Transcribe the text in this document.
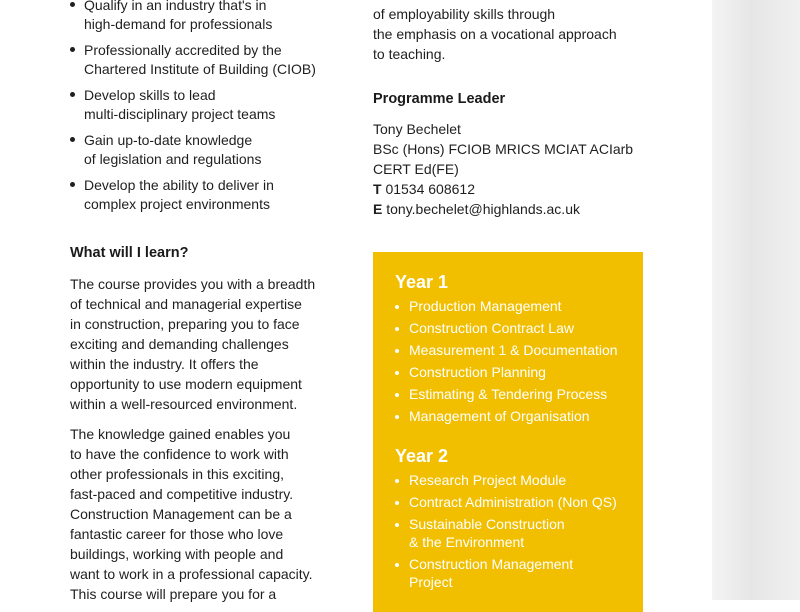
Qualify in an industry that's in
high-demand for professionals
Professionally accredited by the
Chartered Institute of Building (CIOB)
Develop skills to lead
multi-disciplinary project teams
Gain up-to-date knowledge
of legislation and regulations
Develop the ability to deliver in
complex project environments
What will I learn?

The course provides you with a breadth
of technical and managerial expertise
in construction, preparing you to face
exciting and demanding challenges
within the industry. It offers the
opportunity to use modern equipment
within a well-resourced environment.

The knowledge gained enables you
to have the confidence to work with
other professionals in this exciting,
fast-paced and competitive industry.
Construction Management can be a
fantastic career for those who love
buildings, working with people and
want to work in a professional capacity.
This course will prepare you for a

of employability skills through
the emphasis on a vocational approach
to teaching.

Programme Leader
Tony Bechelet
BSc (Hons) FCIOB MRICS MCIAT ACIarb
CERT Ed(FE)
T 01534 608612
E tony.bechelet@highlands.ac.uk
Year 1
Production Management
Construction Contract Law
Measurement 1 & Documentation
Construction Planning
Estimating & Tendering Process
Management of Organisation
Year 2
Research Project Module
Contract Administration (Non QS)
Sustainable Construction
& the Environment
Construction Management
Project
